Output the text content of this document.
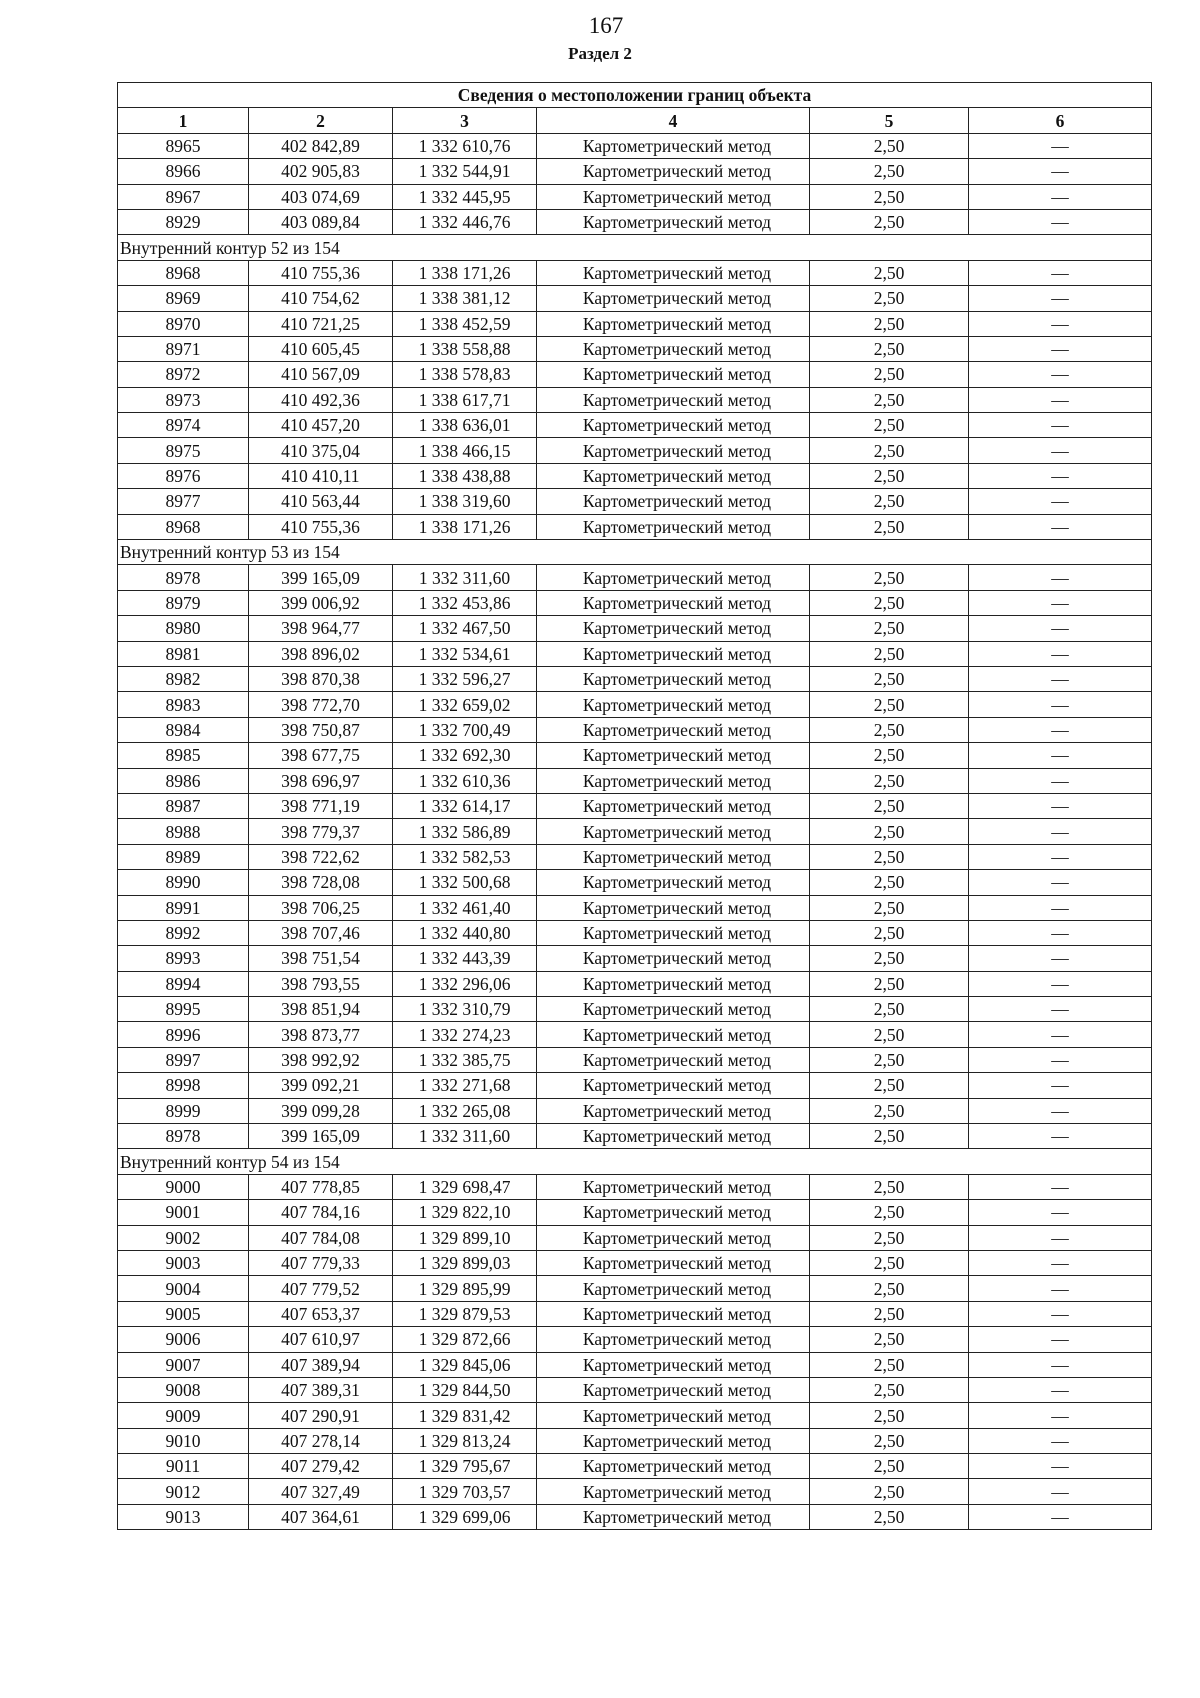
167
Раздел 2
Сведения о местоположении границ объекта					
1	2	3	4	5	6
8965	402 842,89	1 332 610,76	Картометрический метод	2,50	—
8966	402 905,83	1 332 544,91	Картометрический метод	2,50	—
8967	403 074,69	1 332 445,95	Картометрический метод	2,50	—
8929	403 089,84	1 332 446,76	Картометрический метод	2,50	—
Внутренний контур 52 из 154					
8968	410 755,36	1 338 171,26	Картометрический метод	2,50	—
8969	410 754,62	1 338 381,12	Картометрический метод	2,50	—
8970	410 721,25	1 338 452,59	Картометрический метод	2,50	—
8971	410 605,45	1 338 558,88	Картометрический метод	2,50	—
8972	410 567,09	1 338 578,83	Картометрический метод	2,50	—
8973	410 492,36	1 338 617,71	Картометрический метод	2,50	—
8974	410 457,20	1 338 636,01	Картометрический метод	2,50	—
8975	410 375,04	1 338 466,15	Картометрический метод	2,50	—
8976	410 410,11	1 338 438,88	Картометрический метод	2,50	—
8977	410 563,44	1 338 319,60	Картометрический метод	2,50	—
8968	410 755,36	1 338 171,26	Картометрический метод	2,50	—
Внутренний контур 53 из 154					
8978	399 165,09	1 332 311,60	Картометрический метод	2,50	—
8979	399 006,92	1 332 453,86	Картометрический метод	2,50	—
8980	398 964,77	1 332 467,50	Картометрический метод	2,50	—
8981	398 896,02	1 332 534,61	Картометрический метод	2,50	—
8982	398 870,38	1 332 596,27	Картометрический метод	2,50	—
8983	398 772,70	1 332 659,02	Картометрический метод	2,50	—
8984	398 750,87	1 332 700,49	Картометрический метод	2,50	—
8985	398 677,75	1 332 692,30	Картометрический метод	2,50	—
8986	398 696,97	1 332 610,36	Картометрический метод	2,50	—
8987	398 771,19	1 332 614,17	Картометрический метод	2,50	—
8988	398 779,37	1 332 586,89	Картометрический метод	2,50	—
8989	398 722,62	1 332 582,53	Картометрический метод	2,50	—
8990	398 728,08	1 332 500,68	Картометрический метод	2,50	—
8991	398 706,25	1 332 461,40	Картометрический метод	2,50	—
8992	398 707,46	1 332 440,80	Картометрический метод	2,50	—
8993	398 751,54	1 332 443,39	Картометрический метод	2,50	—
8994	398 793,55	1 332 296,06	Картометрический метод	2,50	—
8995	398 851,94	1 332 310,79	Картометрический метод	2,50	—
8996	398 873,77	1 332 274,23	Картометрический метод	2,50	—
8997	398 992,92	1 332 385,75	Картометрический метод	2,50	—
8998	399 092,21	1 332 271,68	Картометрический метод	2,50	—
8999	399 099,28	1 332 265,08	Картометрический метод	2,50	—
8978	399 165,09	1 332 311,60	Картометрический метод	2,50	—
Внутренний контур 54 из 154					
9000	407 778,85	1 329 698,47	Картометрический метод	2,50	—
9001	407 784,16	1 329 822,10	Картометрический метод	2,50	—
9002	407 784,08	1 329 899,10	Картометрический метод	2,50	—
9003	407 779,33	1 329 899,03	Картометрический метод	2,50	—
9004	407 779,52	1 329 895,99	Картометрический метод	2,50	—
9005	407 653,37	1 329 879,53	Картометрический метод	2,50	—
9006	407 610,97	1 329 872,66	Картометрический метод	2,50	—
9007	407 389,94	1 329 845,06	Картометрический метод	2,50	—
9008	407 389,31	1 329 844,50	Картометрический метод	2,50	—
9009	407 290,91	1 329 831,42	Картометрический метод	2,50	—
9010	407 278,14	1 329 813,24	Картометрический метод	2,50	—
9011	407 279,42	1 329 795,67	Картометрический метод	2,50	—
9012	407 327,49	1 329 703,57	Картометрический метод	2,50	—
9013	407 364,61	1 329 699,06	Картометрический метод	2,50	—
